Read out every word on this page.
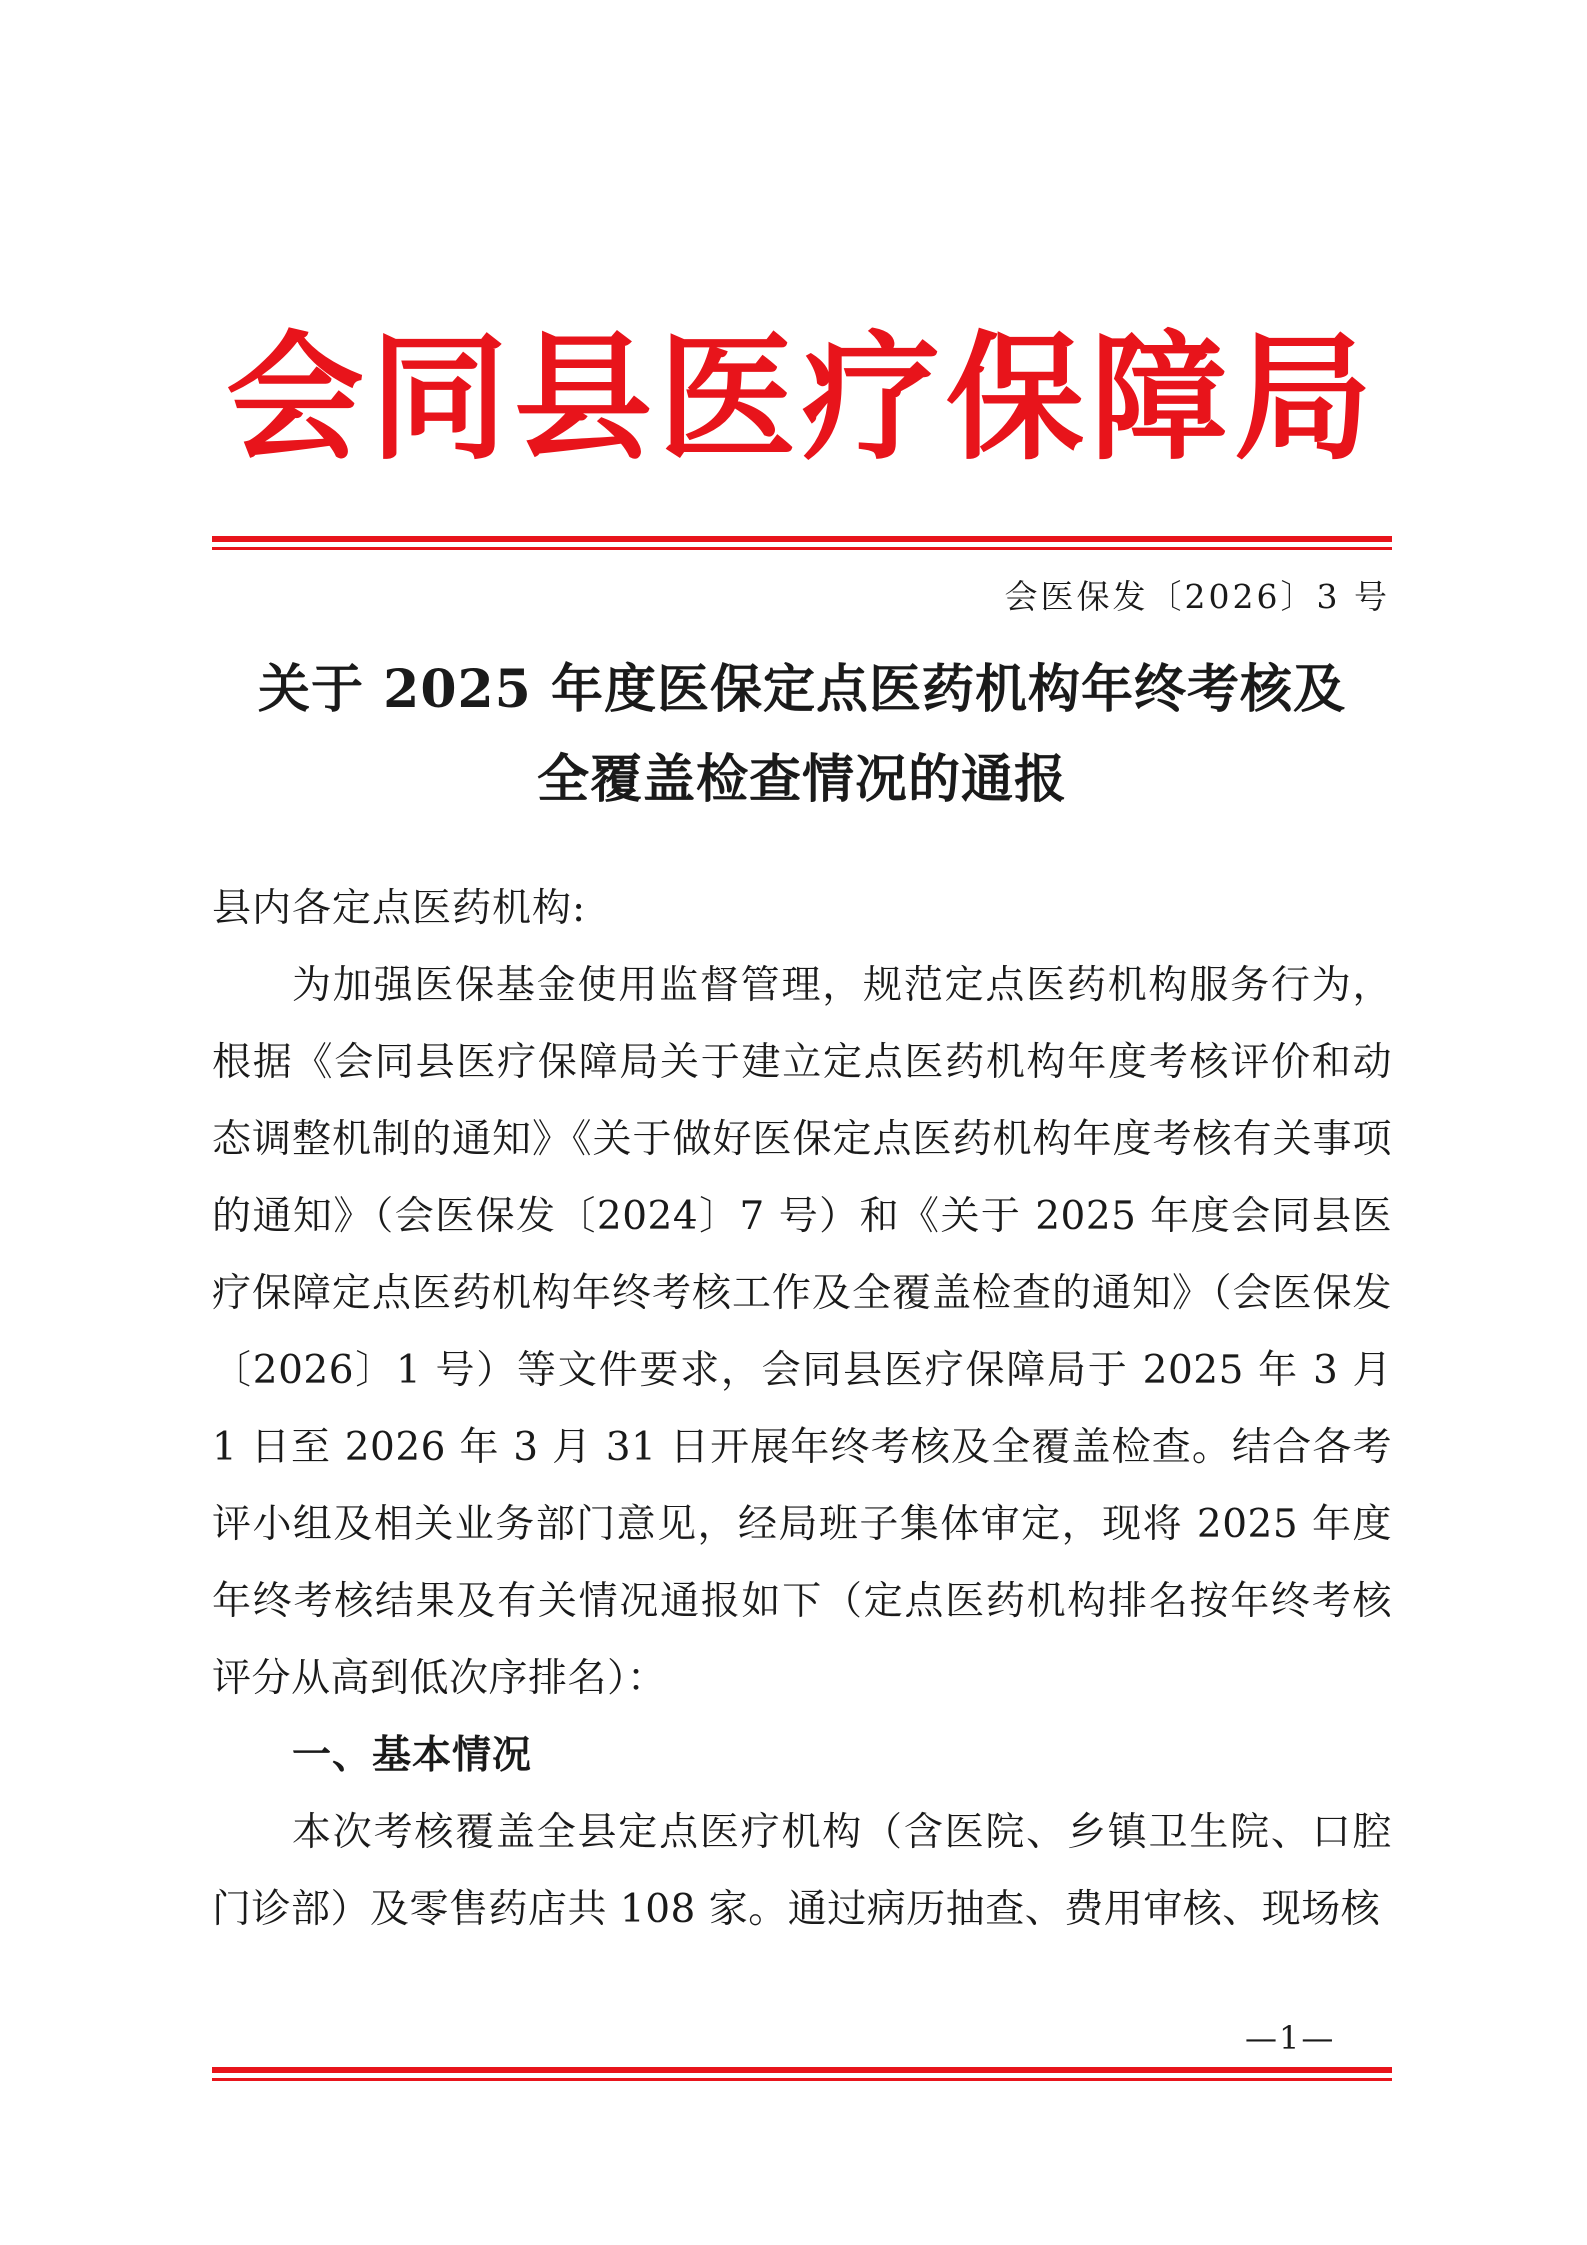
会同县医疗保障局
会医保发〔2026〕3 号
关于 2025 年度医保定点医药机构年终考核及
全覆盖检查情况的通报

县内各定点医药机构:

为加强医保基金使用监督管理，规范定点医药机构服务行为，根据《会同县医疗保障局关于建立定点医药机构年度考核评价和动态调整机制的通知》《关于做好医保定点医药机构年度考核有关事项的通知》（会医保发〔2024〕7 号）和《关于 2025 年度会同县医疗保障定点医药机构年终考核工作及全覆盖检查的通知》（会医保发〔2026〕1 号）等文件要求，会同县医疗保障局于 2025 年 3 月 1 日至 2026 年 3 月 31 日开展年终考核及全覆盖检查。结合各考评小组及相关业务部门意见，经局班子集体审定，现将 2025 年度年终考核结果及有关情况通报如下（定点医药机构排名按年终考核评分从高到低次序排名）：

一、基本情况

本次考核覆盖全县定点医疗机构（含医院、乡镇卫生院、口腔门诊部）及零售药店共 108 家。通过病历抽查、费用审核、现场核

—1—
